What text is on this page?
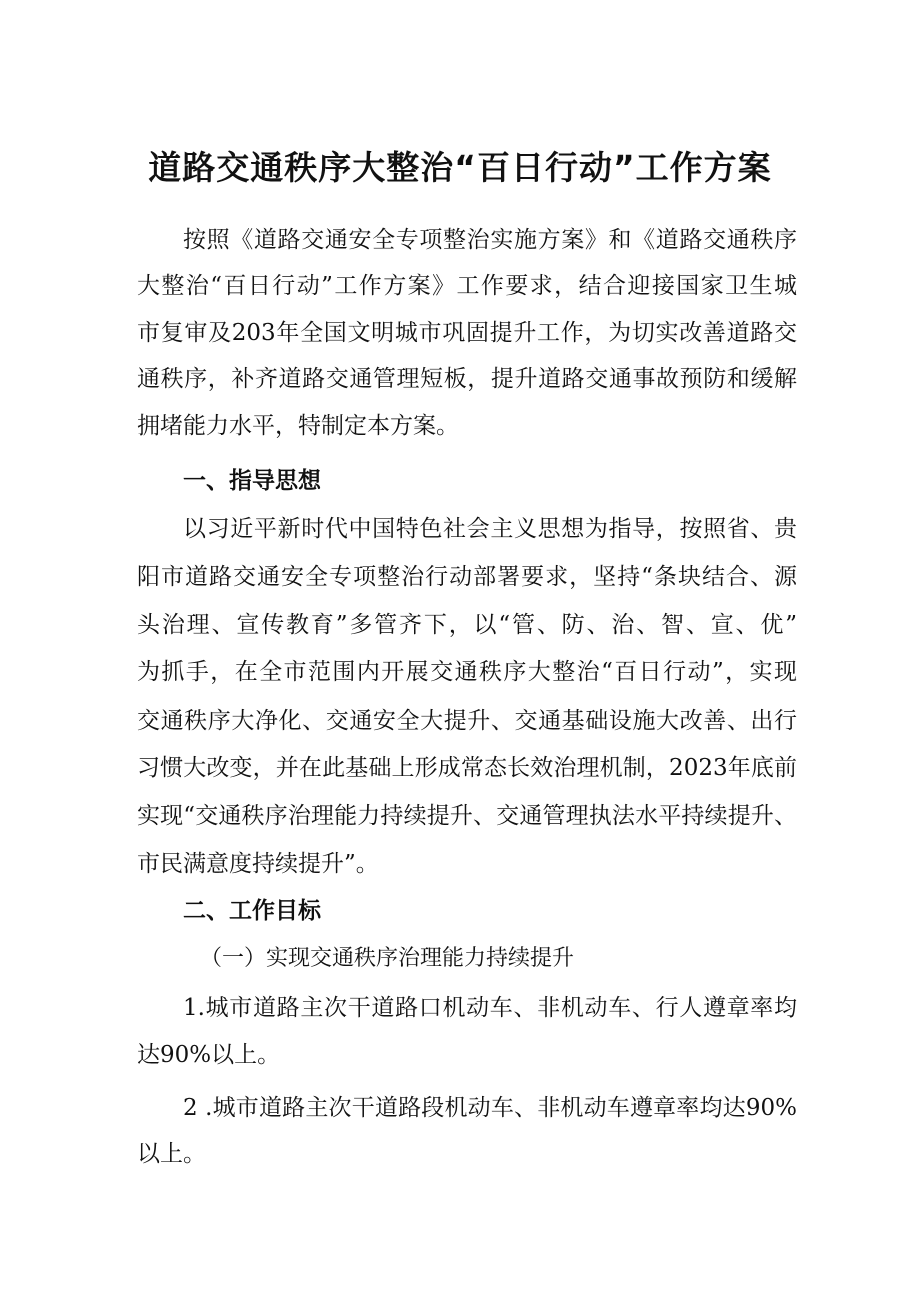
道路交通秩序大整治“百日行动”工作方案
按照《道路交通安全专项整治实施方案》和《道路交通秩序
大整治“百日行动”工作方案》工作要求，结合迎接国家卫生城
市复审及203年全国文明城市巩固提升工作，为切实改善道路交
通秩序，补齐道路交通管理短板，提升道路交通事故预防和缓解
拥堵能力水平，特制定本方案。
一、指导思想
以习近平新时代中国特色社会主义思想为指导，按照省、贵
阳市道路交通安全专项整治行动部署要求，坚持“条块结合、源
头治理、宣传教育”多管齐下，以“管、防、治、智、宣、优”
为抓手，在全市范围内开展交通秩序大整治“百日行动”，实现
交通秩序大净化、交通安全大提升、交通基础设施大改善、出行
习惯大改变，并在此基础上形成常态长效治理机制，2023年底前
实现“交通秩序治理能力持续提升、交通管理执法水平持续提升、
市民满意度持续提升”。
二、工作目标
（一）实现交通秩序治理能力持续提升
1.城市道路主次干道路口机动车、非机动车、行人遵章率均
达90%以上。
2 .城市道路主次干道路段机动车、非机动车遵章率均达90%
以上。
